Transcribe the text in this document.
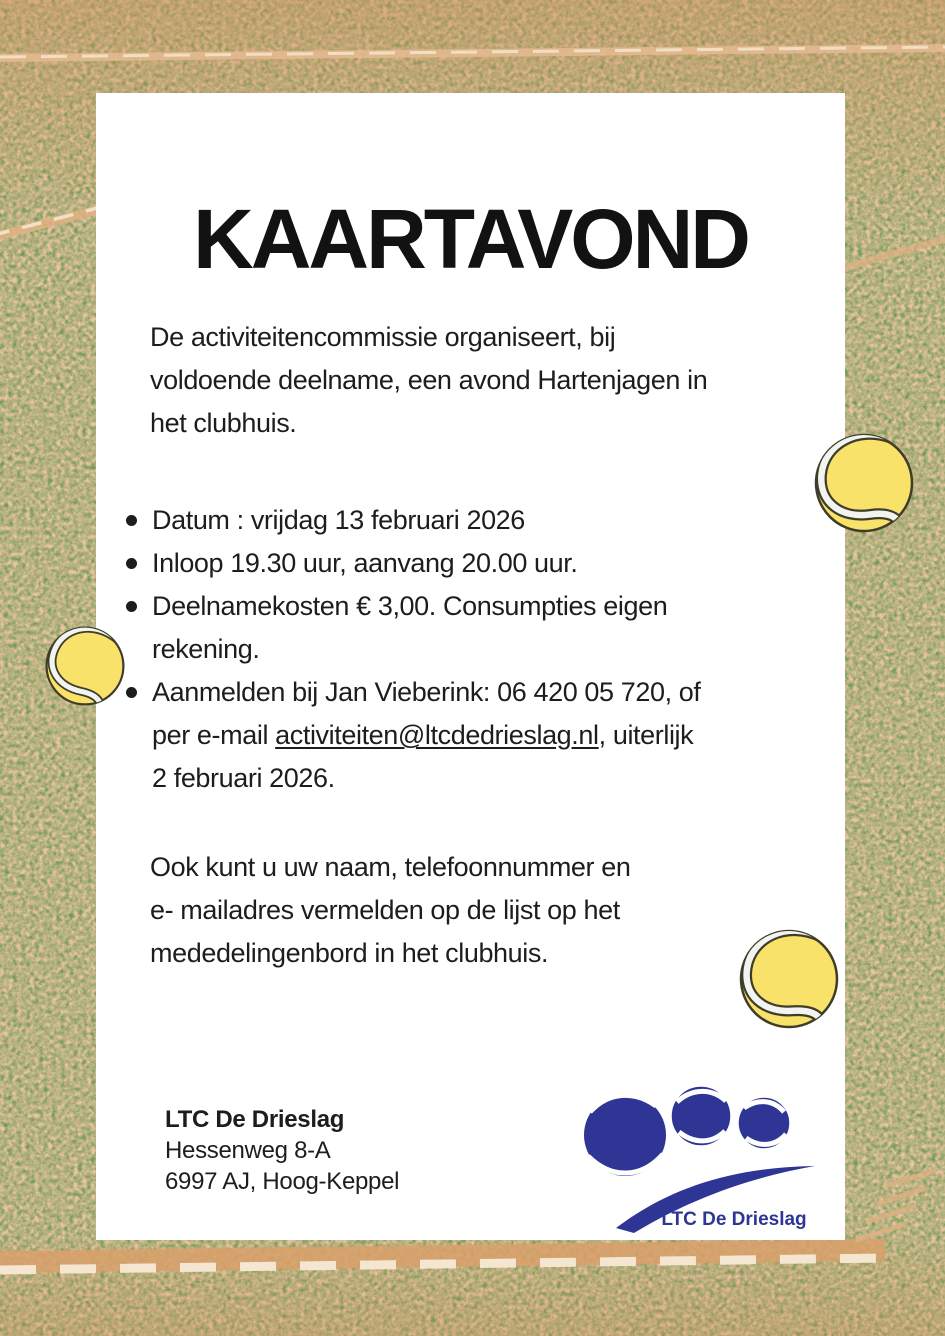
KAARTAVOND
De activiteitencommissie organiseert, bij
voldoende deelname, een avond Hartenjagen in
het clubhuis.
Datum : vrijdag 13 februari 2026
Inloop 19.30 uur, aanvang 20.00 uur.
Deelnamekosten € 3,00. Consumpties eigen
rekening.
Aanmelden bij Jan Vieberink: 06 420 05 720, of
per e-mail activiteiten@ltcdedrieslag.nl, uiterlijk
2 februari 2026.
Ook kunt u uw naam, telefoonnummer en
e- mailadres vermelden op de lijst op het
mededelingenbord in het clubhuis.
LTC De Drieslag
Hessenweg 8-A
6997 AJ, Hoog-Keppel
LTC De Drieslag
